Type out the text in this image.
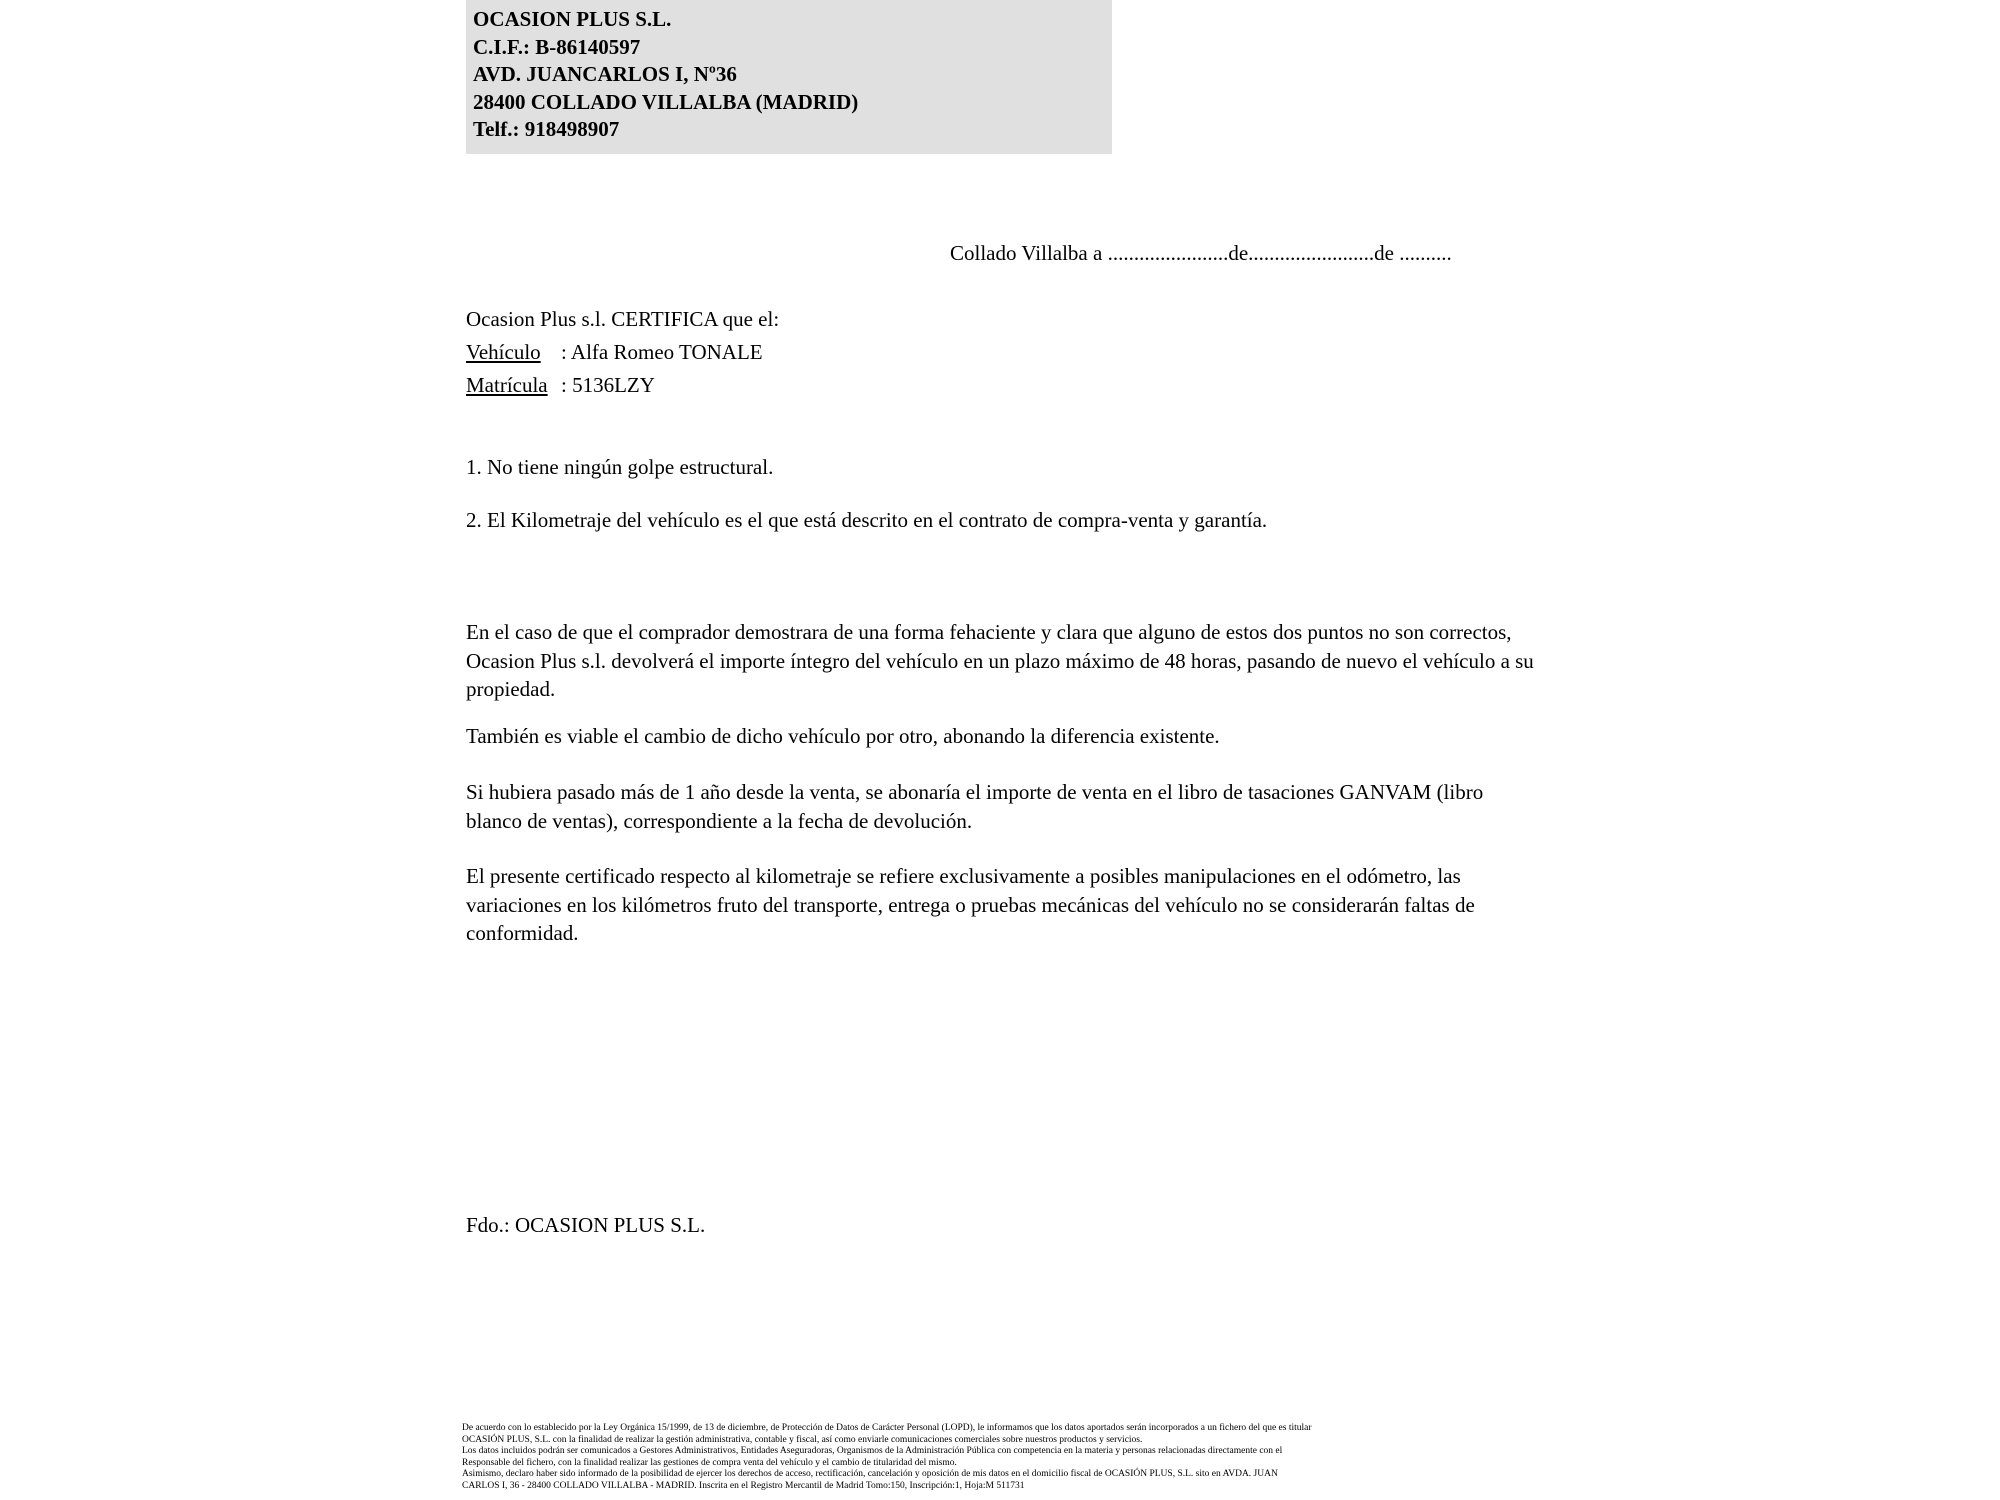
OCASION PLUS S.L.
C.I.F.: B-86140597
AVD. JUANCARLOS I, Nº36
28400 COLLADO VILLALBA (MADRID)
Telf.: 918498907
Collado Villalba a .......................de........................de ..........
Ocasion Plus s.l. CERTIFICA que el:
Vehículo : Alfa Romeo TONALE
Matrícula : 5136LZY
1. No tiene ningún golpe estructural.
2. El Kilometraje del vehículo es el que está descrito en el contrato de compra-venta y garantía.
En el caso de que el comprador demostrara de una forma fehaciente y clara que alguno de estos dos puntos no son correctos, Ocasion Plus s.l. devolverá el importe íntegro del vehículo en un plazo máximo de 48 horas, pasando de nuevo el vehículo a su propiedad.
También es viable el cambio de dicho vehículo por otro, abonando la diferencia existente.
Si hubiera pasado más de 1 año desde la venta, se abonaría el importe de venta en el libro de tasaciones GANVAM (libro blanco de ventas), correspondiente a la fecha de devolución.
El presente certificado respecto al kilometraje se refiere exclusivamente a posibles manipulaciones en el odómetro, las variaciones en los kilómetros fruto del transporte, entrega o pruebas mecánicas del vehículo no se considerarán faltas de conformidad.
Fdo.: OCASION PLUS S.L.

De acuerdo con lo establecido por la Ley Orgánica 15/1999, de 13 de diciembre, de Protección de Datos de Carácter Personal (LOPD), le informamos que los datos aportados serán incorporados a un fichero del que es titular

OCASIÓN PLUS, S.L. con la finalidad de realizar la gestión administrativa, contable y fiscal, así como enviarle comunicaciones comerciales sobre nuestros productos y servicios.

Los datos incluidos podrán ser comunicados a Gestores Administrativos, Entidades Aseguradoras, Organismos de la Administración Pública con competencia en la materia y personas relacionadas directamente con el

Responsable del fichero, con la finalidad realizar las gestiones de compra venta del vehículo y el cambio de titularidad del mismo.

Asimismo, declaro haber sido informado de la posibilidad de ejercer los derechos de acceso, rectificación, cancelación y oposición de mis datos en el domicilio fiscal de OCASIÓN PLUS, S.L. sito en AVDA. JUAN

CARLOS I, 36 - 28400 COLLADO VILLALBA - MADRID. Inscrita en el Registro Mercantil de Madrid Tomo:150, Inscripción:1, Hoja:M 511731
